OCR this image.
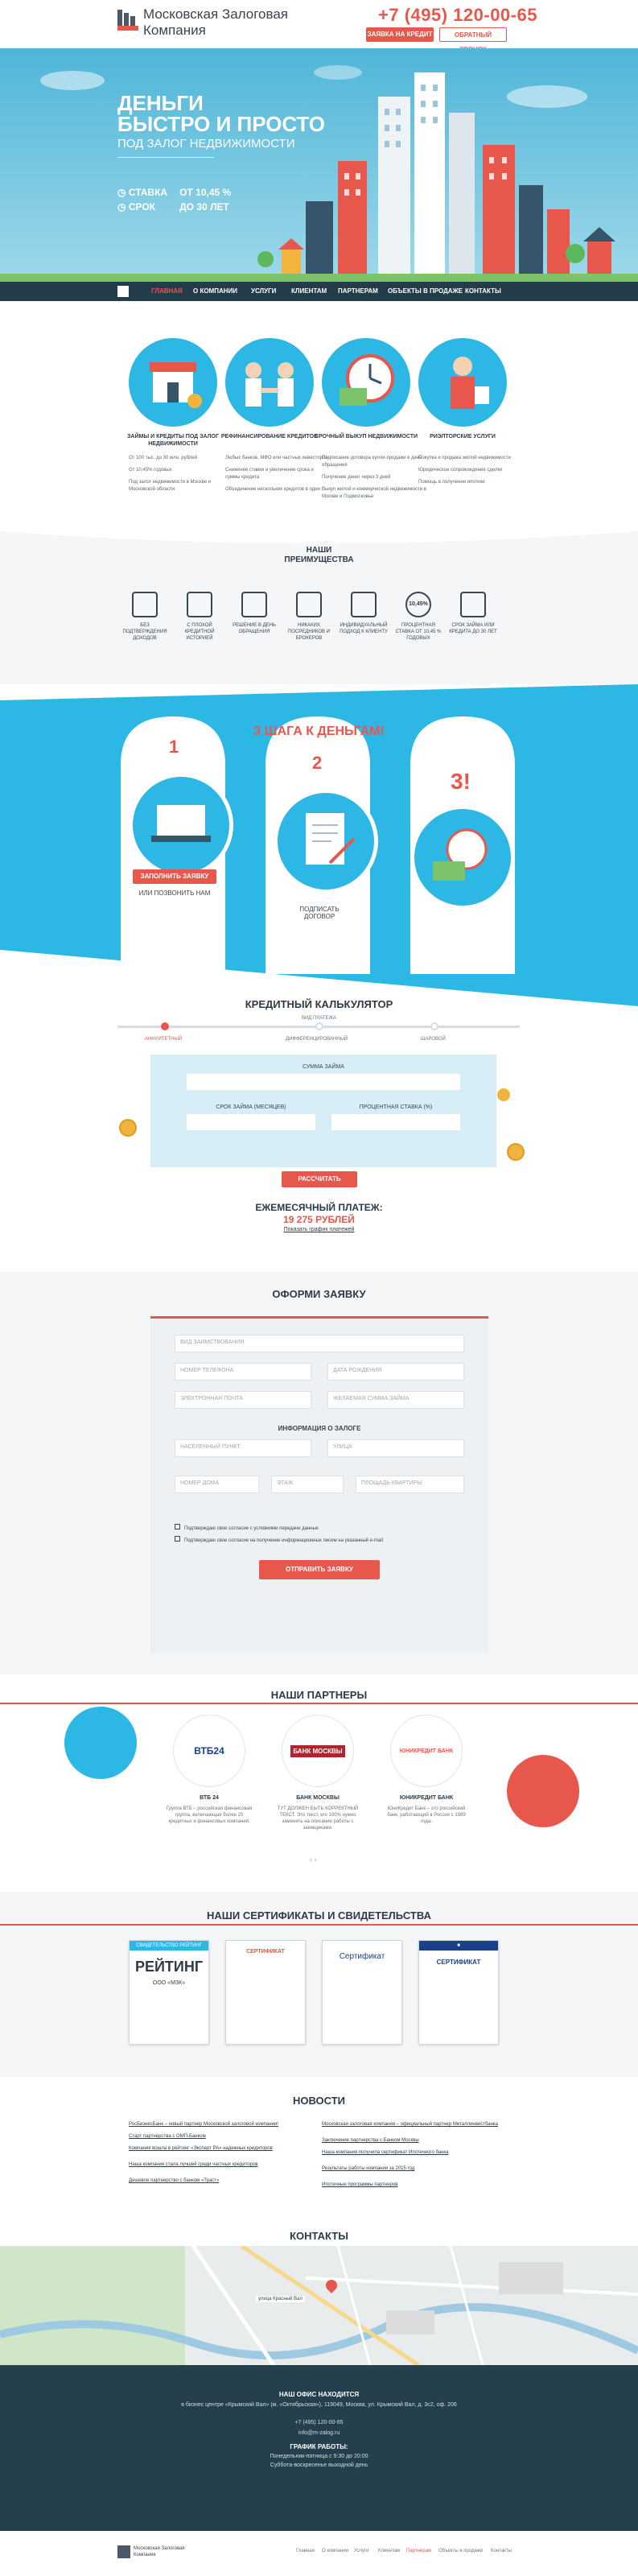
Московская Залоговая
Компания
+7 (495) 120-00-65
ЗАЯВКА НА КРЕДИТ	ОБРАТНЫЙ
ДЕНЬГИ
БЫСТРО И ПРОСТО
ПОД ЗАЛОГ НЕДВИЖИМОСТИ
◷ СТАВКА ОТ 10,45 %
◷ СРОК	ДО 30 ЛЕТ
ГЛАВНАЯ О КОМПАНИИ УСЛУГИ КЛИЕНТАМ ПАРТНЕРАМ ОБЪЕКТЫ В ПРОДАЖЕ КОНТАКТЫ
ЗАЙМЫ И КРЕДИТЫ ПОД ЗАЛОГ НЕДВИЖИМОСТИ
РЕФИНАНСИРОВАНИЕ КРЕДИТОВ
СРОЧНЫЙ ВЫКУП НЕДВИЖИМОСТИ	РИЭЛТОРСКИЕ УСЛУГИ
От 100 тыс. до 30 млн. рублей
От 10.45% годовых
Под залог недвижимости в Москве и Московской области
Любых банков, МФО или частных инвесторов
Снижение ставки и увеличение срока и суммы кредита
Объединение нескольких кредитов в один
Подписание договора купли-продажи в день обращения
Получение денег через 3 дней
Выкуп жилой и коммерческой недвижимости в Москве и Подмосковье
Покупка и продажа жилой недвижимости
Юридическое сопровождение сделки
Помощь в получении ипотеки
НАШИ
ПРЕИМУЩЕСТВА
БЕЗ ПОДТВЕРЖДЕНИЯ ДОХОДОВ
С ПЛОХОЙ КРЕДИТНОЙ ИСТОРИЕЙ
РЕШЕНИЕ В ДЕНЬ ОБРАЩЕНИЯ
НИКАКИХ ПОСРЕДНИКОВ И БРОКЕРОВ
ИНДИВИДУАЛЬНЫЙ ПОДХОД К КЛИЕНТУ
10,45%
ПРОЦЕНТНАЯ СТАВКА ОТ 10,45 % ГОДОВЫХ
СРОК ЗАЙМА ИЛИ КРЕДИТА ДО 30 ЛЕТ
3 ШАГА К ДЕНЬГАМ!
1
2
3!
ЗАПОЛНИТЬ ЗАЯВКУ
ИЛИ ПОЗВОНИТЬ НАМ
ПОДПИСАТЬ
ДОГОВОР
ПОЛУЧИТЬ
ДЕНЬГИ
КРЕДИТНЫЙ КАЛЬКУЛЯТОР
ВИД ПЛАТЕЖА
АННУИТЕТНЫЙ	ДИФФЕРЕНЦИРОВАННЫЙ	ШАРОВОЙ
СУММА ЗАЙМА
СРОК ЗАЙМА (МЕСЯЦЕВ)	ПРОЦЕНТНАЯ СТАВКА (%)
РАССЧИТАТЬ
ЕЖЕМЕСЯЧНЫЙ ПЛАТЕЖ:
19 275 РУБЛЕЙ
Показать график платежей
ОФОРМИ ЗАЯВКУ
ВИД ЗАИМСТВОВАНИЯ
НОМЕР ТЕЛЕФОНА	ДАТА РОЖДЕНИЯ
ЭЛЕКТРОННАЯ ПОЧТА	ЖЕЛАЕМАЯ СУММА ЗАЙМА
ИНФОРМАЦИЯ О ЗАЛОГЕ
НАСЕЛЕННЫЙ ПУНКТ	УЛИЦА
НОМЕР ДОМА	ЭТАЖ	ПЛОЩАДЬ КВАРТИРЫ
Подтверждаю свое согласие с условиями передачи данных
Подтверждаю свое согласие на получение информационных писем на указанный e-mail
ОТПРАВИТЬ ЗАЯВКУ
НАШИ ПАРТНЕРЫ
ВТБ24	БАНК МОСКВЫ	ЮНИКРЕДИТ БАНК
ВТБ 24	БАНК МОСКВЫ	ЮНИКРЕДИТ БАНК
Группа ВТБ – российская финансовая группа, включающая более 20 кредитных и финансовых компаний.
ТУТ ДОЛЖЕН БЫТЬ КОРРЕКТНЫЙ ТЕКСТ. Это текст, его 100% нужно заменить на описание работы с заемщиками.
ЮниКредит Банк – это российский банк, работающий в России с 1989 года.
‹ ›
НАШИ СЕРТИФИКАТЫ И СВИДЕТЕЛЬСТВА
СВИДЕТЕЛЬСТВО РЕЙТИНГ
РЕЙТИНГ
ООО «МЗК»
СЕРТИФИКАТ
Сертификат
■
СЕРТИФИКАТ
НОВОСТИ
РосБизнесБанк – новый партнер Московской залоговой компании!
Старт партнерства с ОМП-Банком
Компания вошла в рейтинг «Эксперт РА» надежных кредиторов
Наша компания стала лучшей среди частных кредиторов
Дешевле партнерство с банком «Траст»
Московская залоговая компания – официальный партнер Металлинвестбанка
Заключение партнерства с Банком Москвы
Наша компания получила сертификат Ипотечного банка
Результаты работы компании за 2015 год
Ипотечные программы партнеров
КОНТАКТЫ
улица Красный Вал
НАШ ОФИС НАХОДИТСЯ
в бизнес центре «Крымский Вал» (м. «Октябрьская»), 119049, Москва, ул. Крымский Вал, д. 3c2, оф. 206
+7 (495) 120-00-65
info@m-zalog.ru
ГРАФИК РАБОТЫ:
Понедельник-пятница с 9:30 до 20:00
Суббота-воскресенье выходной день
Московская Залоговая Компания
Главная О компании Услуги Клиентам Партнерам Объекты в продаже Контакты
